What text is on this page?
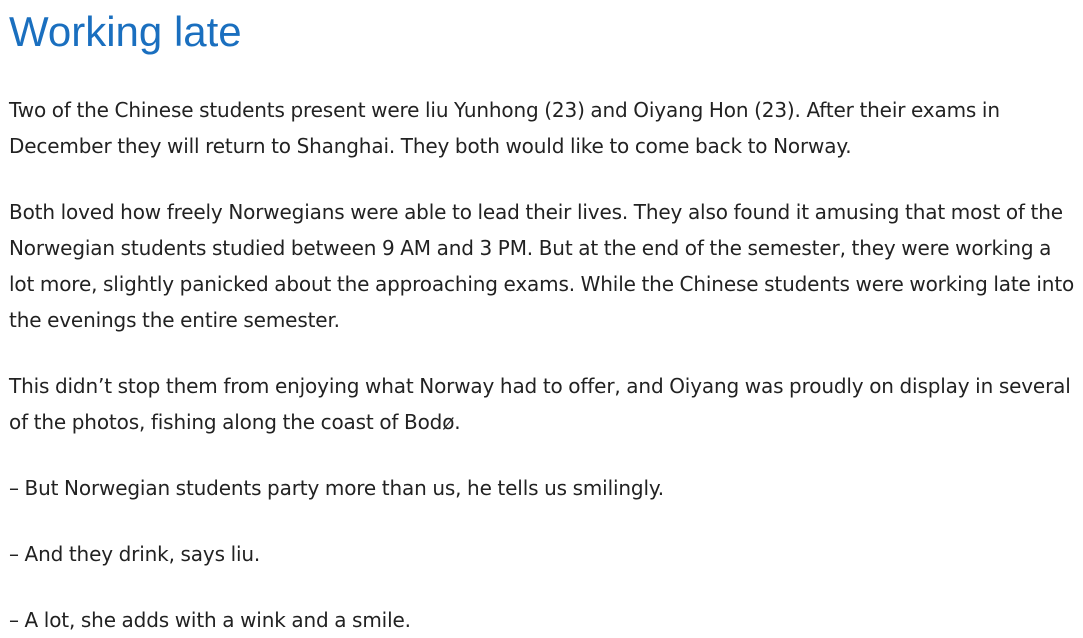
Working late

Two of the Chinese students present were liu Yunhong (23) and Oiyang Hon (23). After their exams in December they will return to Shanghai. They both would like to come back to Norway.

Both loved how freely Norwegians were able to lead their lives. They also found it amusing that most of the Norwegian students studied between 9 AM and 3 PM. But at the end of the semester, they were working a lot more, slightly panicked about the approaching exams. While the Chinese students were working late into the evenings the entire semester.

This didn’t stop them from enjoying what Norway had to offer, and Oiyang was proudly on display in several of the photos, fishing along the coast of Bodø.

– But Norwegian students party more than us, he tells us smilingly.

– And they drink, says liu.

– A lot, she adds with a wink and a smile.
